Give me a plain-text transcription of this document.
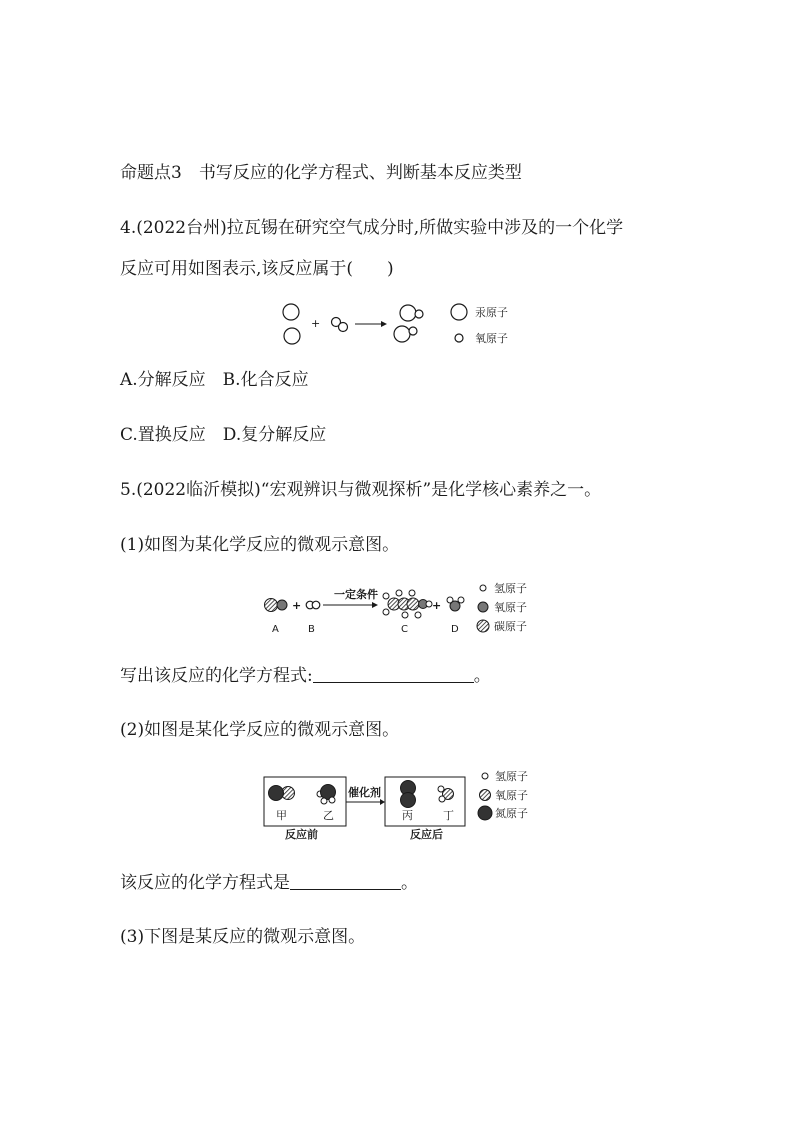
命题点3　书写反应的化学方程式、判断基本反应类型
4.(2022台州)拉瓦锡在研究空气成分时,所做实验中涉及的一个化学
反应可用如图表示,该反应属于(　　)
+
汞原子
氧原子
A.分解反应　B.化合反应
C.置换反应　D.复分解反应
5.(2022临沂模拟)“宏观辨识与微观探析”是化学核心素养之一。
(1)如图为某化学反应的微观示意图。
+
一定条件
+
A	B	C	D
氢原子
氧原子
碳原子
写出该反应的化学方程式:	。
(2)如图是某化学反应的微观示意图。
催化剂
甲	乙	丙	丁
反应前	反应后
氢原子
氧原子
氮原子
该反应的化学方程式是	。
(3)下图是某反应的微观示意图。
